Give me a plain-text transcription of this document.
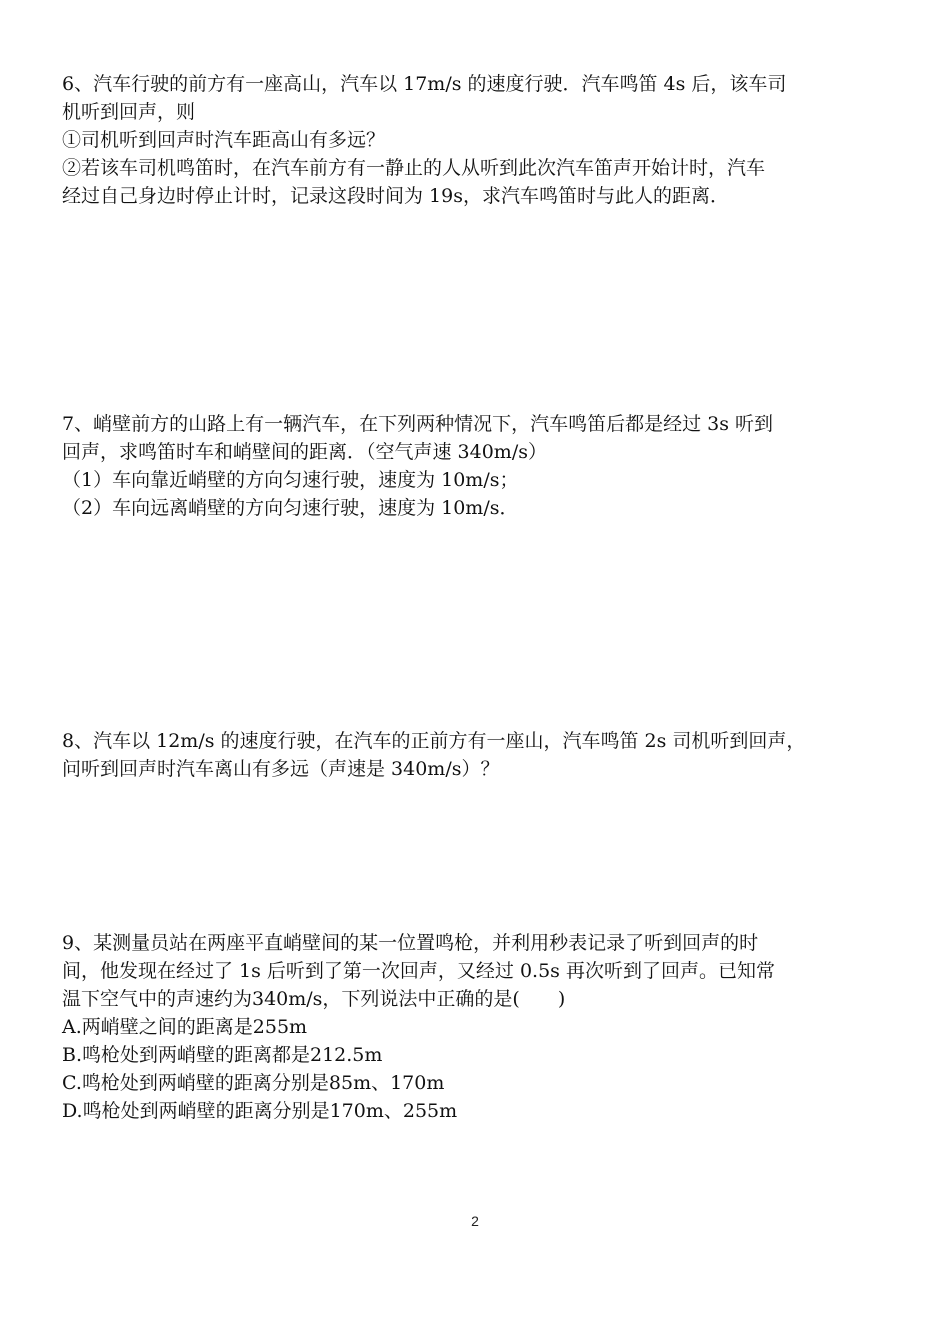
6、汽车行驶的前方有一座高山，汽车以 17m/s 的速度行驶．汽车鸣笛 4s 后，该车司
机听到回声，则
①司机听到回声时汽车距高山有多远？
②若该车司机鸣笛时，在汽车前方有一静止的人从听到此次汽车笛声开始计时，汽车
经过自己身边时停止计时，记录这段时间为 19s，求汽车鸣笛时与此人的距离．
7、峭壁前方的山路上有一辆汽车，在下列两种情况下，汽车鸣笛后都是经过 3s 听到
回声，求鸣笛时车和峭壁间的距离．（空气声速 340m/s）
（1）车向靠近峭壁的方向匀速行驶，速度为 10m/s；
（2）车向远离峭壁的方向匀速行驶，速度为 10m/s．
8、汽车以 12m/s 的速度行驶，在汽车的正前方有一座山，汽车鸣笛 2s 司机听到回声，
问听到回声时汽车离山有多远（声速是 340m/s）？
9、某测量员站在两座平直峭壁间的某一位置鸣枪，并利用秒表记录了听到回声的时
间，他发现在经过了 1s 后听到了第一次回声，又经过 0.5s 再次听到了回声。已知常
温下空气中的声速约为340m/s，下列说法中正确的是(　　)
A.两峭壁之间的距离是255m
B.鸣枪处到两峭壁的距离都是212.5m
C.鸣枪处到两峭壁的距离分别是85m、170m
D.鸣枪处到两峭壁的距离分别是170m、255m
2
